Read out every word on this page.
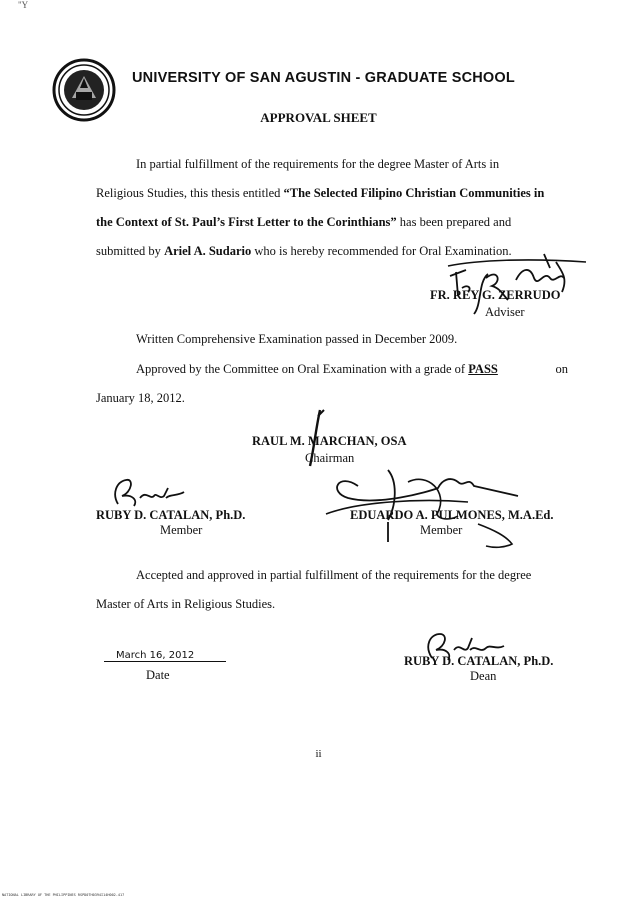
"Y
UNIVERSITY OF SAN AGUSTIN - GRADUATE SCHOOL
APPROVAL SHEET
In partial fulfillment of the requirements for the degree Master of Arts in
Religious Studies, this thesis entitled “The Selected Filipino Christian Communities in
the Context of St. Paul’s First Letter to the Corinthians” has been prepared and
submitted by Ariel A. Sudario who is hereby recommended for Oral Examination.
FR. REY G. ZERRUDO
Adviser
Written Comprehensive Examination passed in December 2009.
Approved by the Committee on Oral Examination with a grade of PASS	on
January 18, 2012.
RAUL M. MARCHAN, OSA
Chairman
RUBY D. CATALAN, Ph.D.
Member
EDUARDO A. PULMONES, M.A.Ed.
Member
Accepted and approved in partial fulfillment of the requirements for the degree
Master of Arts in Religious Studies.
March 16, 2012
Date
RUBY D. CATALAN, Ph.D.
Dean
ii
NATIONAL LIBRARY OF THE PHILIPPINES RSPD0TH0394I14H002-417
